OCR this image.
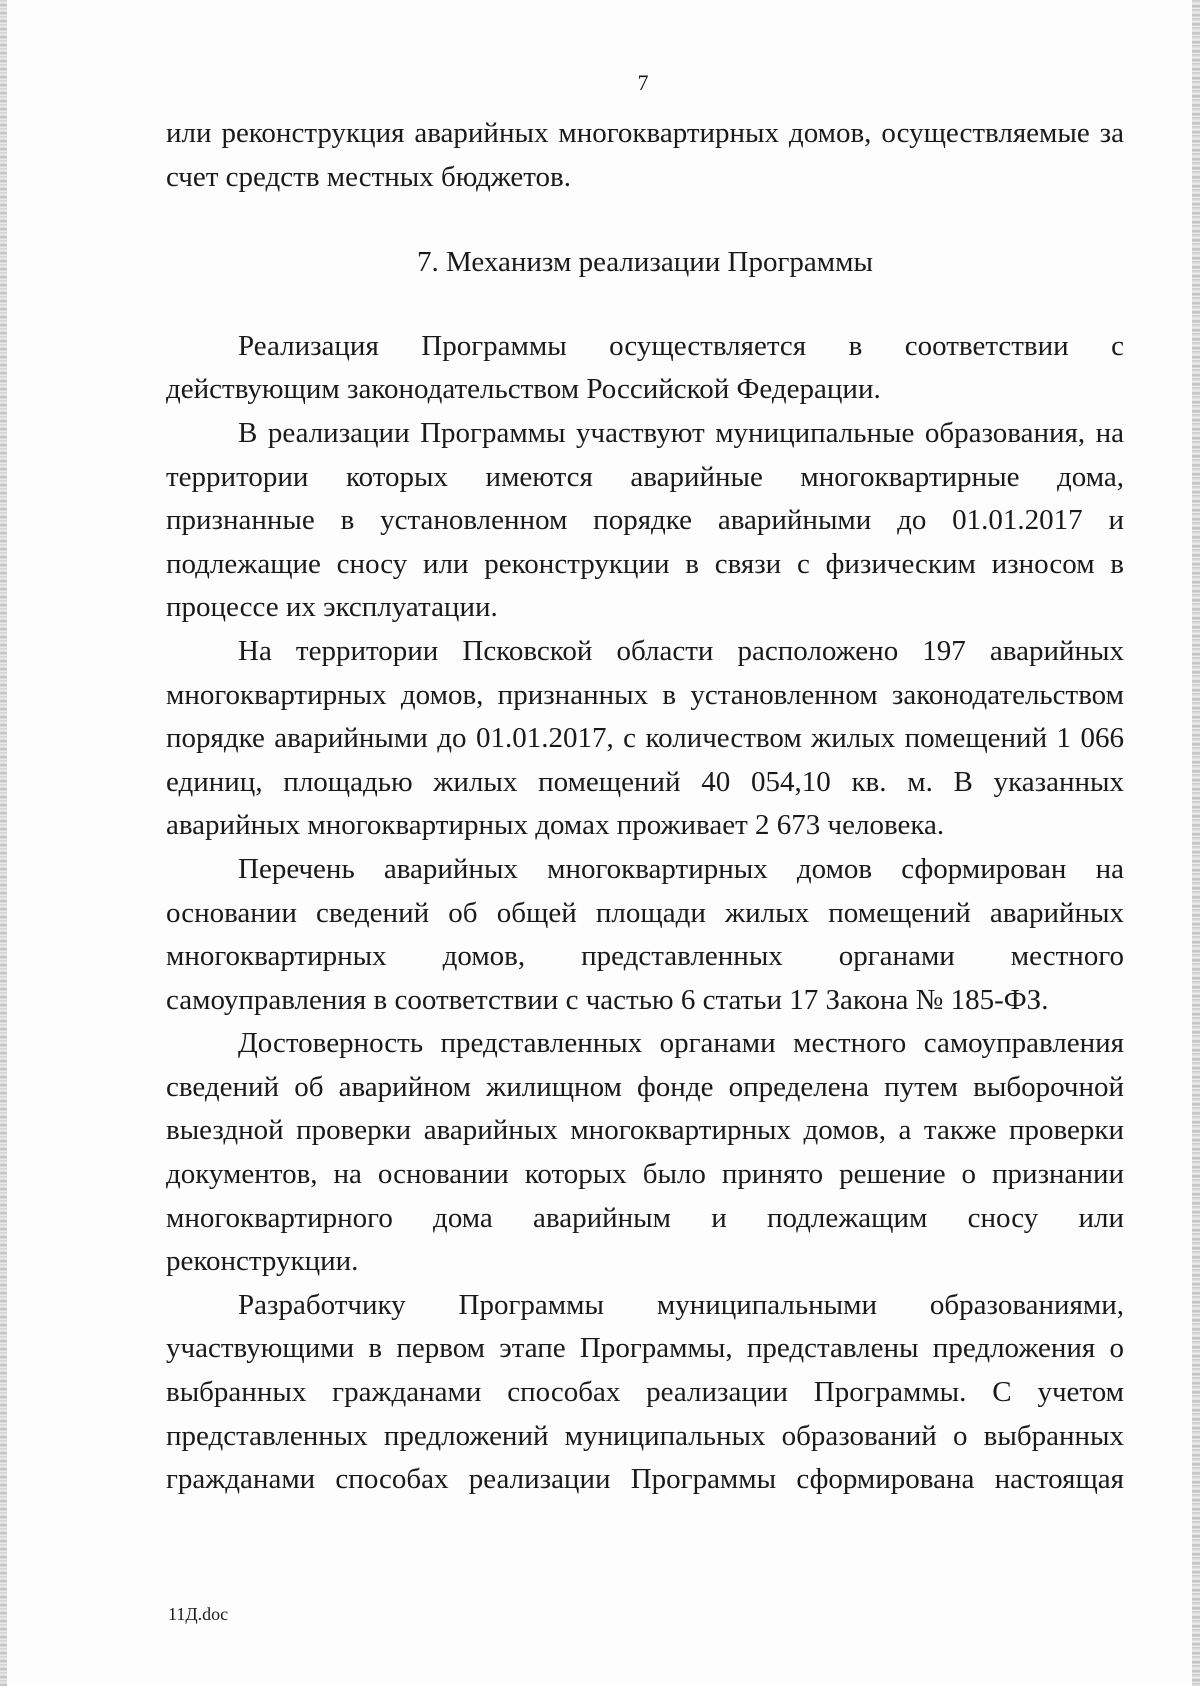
7

или реконструкция аварийных многоквартирных домов, осуществляемые за счет средств местных бюджетов.

7. Механизм реализации Программы

Реализация Программы осуществляется в соответствии с действующим законодательством Российской Федерации.

В реализации Программы участвуют муниципальные образования, на территории которых имеются аварийные многоквартирные дома, признанные в установленном порядке аварийными до 01.01.2017 и подлежащие сносу или реконструкции в связи с физическим износом в процессе их эксплуатации.

На территории Псковской области расположено 197 аварийных многоквартирных домов, признанных в установленном законодательством порядке аварийными до 01.01.2017, с количеством жилых помещений 1 066 единиц, площадью жилых помещений 40 054,10 кв. м. В указанных аварийных многоквартирных домах проживает 2 673 человека.

Перечень аварийных многоквартирных домов сформирован на основании сведений об общей площади жилых помещений аварийных многоквартирных домов, представленных органами местного самоуправления в соответствии с частью 6 статьи 17 Закона № 185-ФЗ.

Достоверность представленных органами местного самоуправления сведений об аварийном жилищном фонде определена путем выборочной выездной проверки аварийных многоквартирных домов, а также проверки документов, на основании которых было принято решение о признании многоквартирного дома аварийным и подлежащим сносу или реконструкции.

Разработчику Программы муниципальными образованиями, участвующими в первом этапе Программы, представлены предложения о выбранных гражданами способах реализации Программы. С учетом представленных предложений муниципальных образований о выбранных гражданами способах реализации Программы сформирована настоящая

11Д.doc
